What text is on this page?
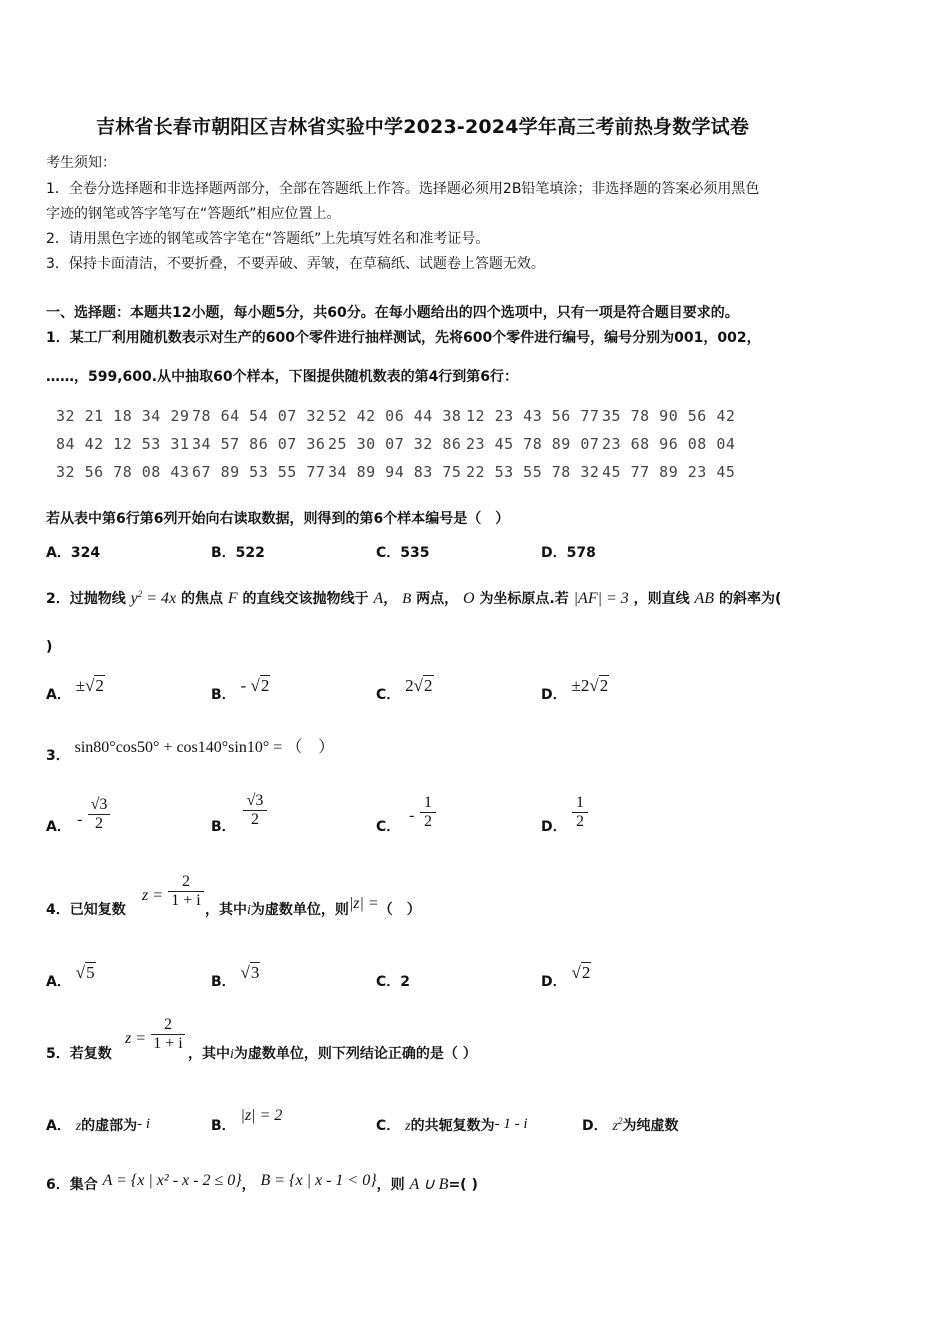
吉林省长春市朝阳区吉林省实验中学2023-2024学年高三考前热身数学试卷
考生须知：
1．全卷分选择题和非选择题两部分，全部在答题纸上作答。选择题必须用2B铅笔填涂；非选择题的答案必须用黑色
字迹的钢笔或答字笔写在“答题纸”相应位置上。
2．请用黑色字迹的钢笔或答字笔在“答题纸”上先填写姓名和准考证号。
3．保持卡面清洁，不要折叠，不要弄破、弄皱，在草稿纸、试题卷上答题无效。
一、选择题：本题共12小题，每小题5分，共60分。在每小题给出的四个选项中，只有一项是符合题目要求的。
1．某工厂利用随机数表示对生产的600个零件进行抽样测试，先将600个零件进行编号，编号分别为001，002，
……，599,600.从中抽取60个样本，下图提供随机数表的第4行到第6行：
32 21 18 34 29 78 64 54 07 32 52 42 06 44 38 12 23 43 56 77 35 78 90 56 42
84 42 12 53 31 34 57 86 07 36 25 30 07 32 86 23 45 78 89 07 23 68 96 08 04
32 56 78 08 43 67 89 53 55 77 34 89 94 83 75 22 53 55 78 32 45 77 89 23 45
若从表中第6行第6列开始向右读取数据，则得到的第6个样本编号是（　）
A．324	B．522	C．535	D．578
2．过抛物线 $y^2 = 4x$ 的焦点 F 的直线交该抛物线于 A， B 两点， O 为坐标原点.若 |AF| = 3 ，则直线 AB 的斜率为(
)
A． ±√2	B． - √2	C． 2√2	D． ±2√2
3． sin80°cos50° + cos140°sin10° = （　）
A． -
√3
2	B．
√3
2	C．
-
1
2	D．
1
2
4．已知复数
z =
2
1 + i
，其中i为虚数单位，则|z| =（　）
A． √5	B． √3	C．2	D． √2
5．若复数
z =
2
1 + i
，其中i为虚数单位，则下列结论正确的是（ ）
A． z的虚部为- i	B． |z| = 2
C． z的共轭复数为- 1 - i	D． $z^2$为纯虚数
6．集合 A = {x | x² - x - 2 ≤ 0}， B = {x | x - 1 < 0}，则 A ∪ B=( )
